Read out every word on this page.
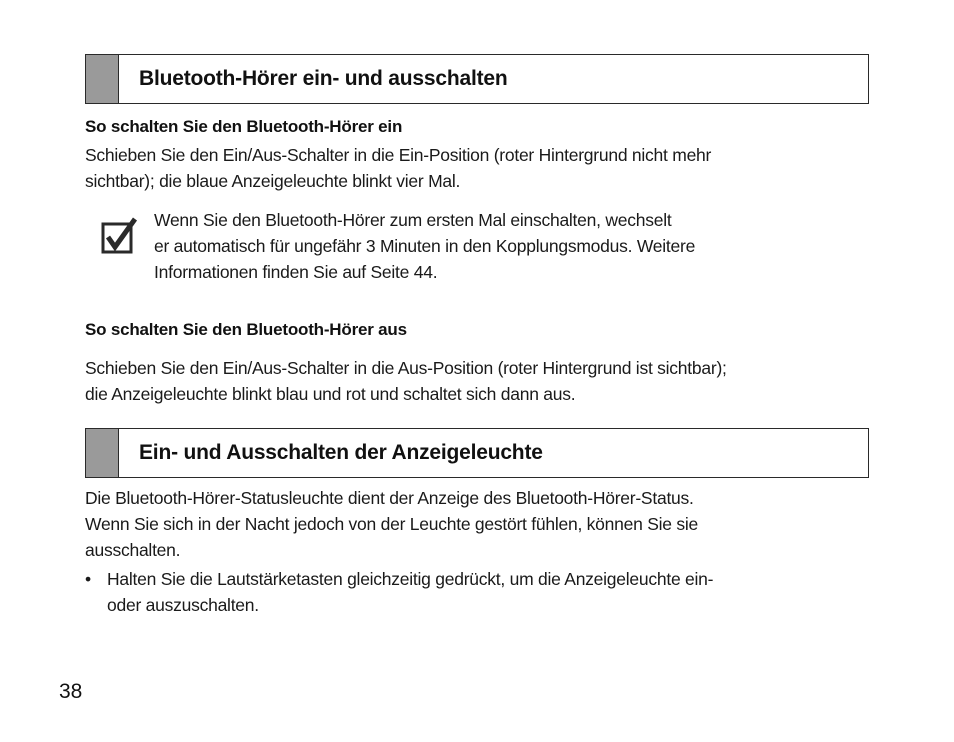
Bluetooth-Hörer ein- und ausschalten
So schalten Sie den Bluetooth-Hörer ein
Schieben Sie den Ein/Aus-Schalter in die Ein-Position (roter Hintergrund nicht mehr
sichtbar); die blaue Anzeigeleuchte blinkt vier Mal.
Wenn Sie den Bluetooth-Hörer zum ersten Mal einschalten, wechselt
er automatisch für ungefähr 3 Minuten in den Kopplungsmodus. Weitere
Informationen finden Sie auf Seite 44.
So schalten Sie den Bluetooth-Hörer aus
Schieben Sie den Ein/Aus-Schalter in die Aus-Position (roter Hintergrund ist sichtbar);
die Anzeigeleuchte blinkt blau und rot und schaltet sich dann aus.
Ein- und Ausschalten der Anzeigeleuchte
Die Bluetooth-Hörer-Statusleuchte dient der Anzeige des Bluetooth-Hörer-Status.
Wenn Sie sich in der Nacht jedoch von der Leuchte gestört fühlen, können Sie sie
ausschalten.
• Halten Sie die Lautstärketasten gleichzeitig gedrückt, um die Anzeigeleuchte ein-
oder auszuschalten.
38
